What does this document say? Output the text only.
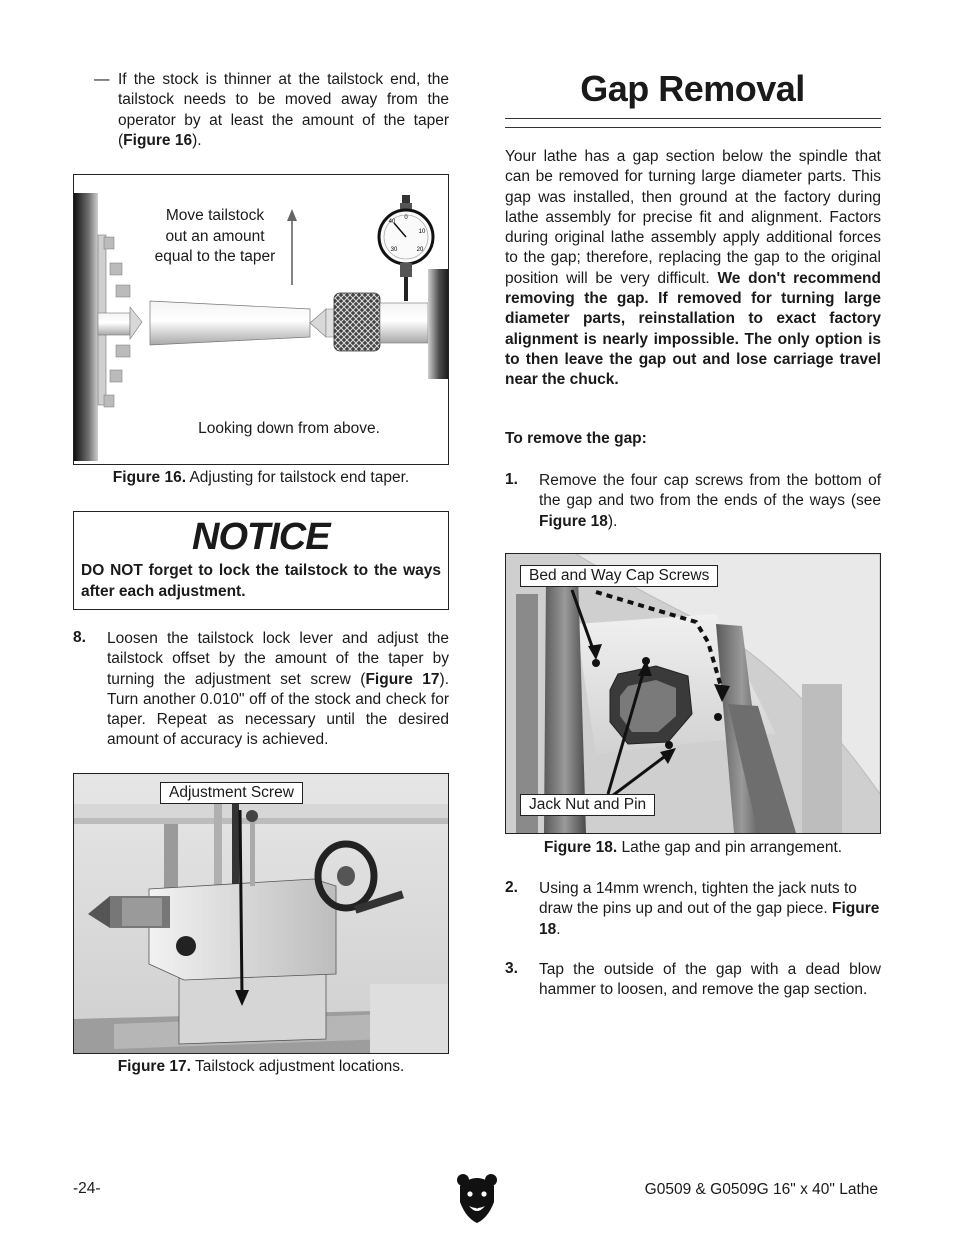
— If the stock is thinner at the tailstock end, the tailstock needs to be moved away from the operator by at least the amount of the taper (Figure 16).
0
40
10
20
30
Move tailstock
out an amount
equal to the taper
Looking down from above.
Figure 16. Adjusting for tailstock end taper.
NOTICE
DO NOT forget to lock the tailstock to the ways after each adjustment.
8. Loosen the tailstock lock lever and adjust the tailstock offset by the amount of the taper by turning the adjustment set screw (Figure 17). Turn another 0.010" off of the stock and check for taper. Repeat as necessary until the desired amount of accuracy is achieved.
Adjustment Screw
Figure 17. Tailstock adjustment locations.
Gap Removal
Your lathe has a gap section below the spindle that can be removed for turning large diameter parts. This gap was installed, then ground at the factory during lathe assembly for precise fit and alignment. Factors during original lathe assembly apply additional forces to the gap; therefore, replacing the gap to the original position will be very difficult. We don't recommend removing the gap. If removed for turning large diameter parts, reinstallation to exact factory alignment is nearly impossible. The only option is to then leave the gap out and lose carriage travel near the chuck.
To remove the gap:
1. Remove the four cap screws from the bottom of the gap and two from the ends of the ways (see Figure 18).
Bed and Way Cap Screws
Jack Nut and Pin
Figure 18. Lathe gap and pin arrangement.
2. Using a 14mm wrench, tighten the jack nuts to draw the pins up and out of the gap piece. Figure 18.
3. Tap the outside of the gap with a dead blow hammer to loosen, and remove the gap section.
-24-	G0509 & G0509G 16" x 40" Lathe
